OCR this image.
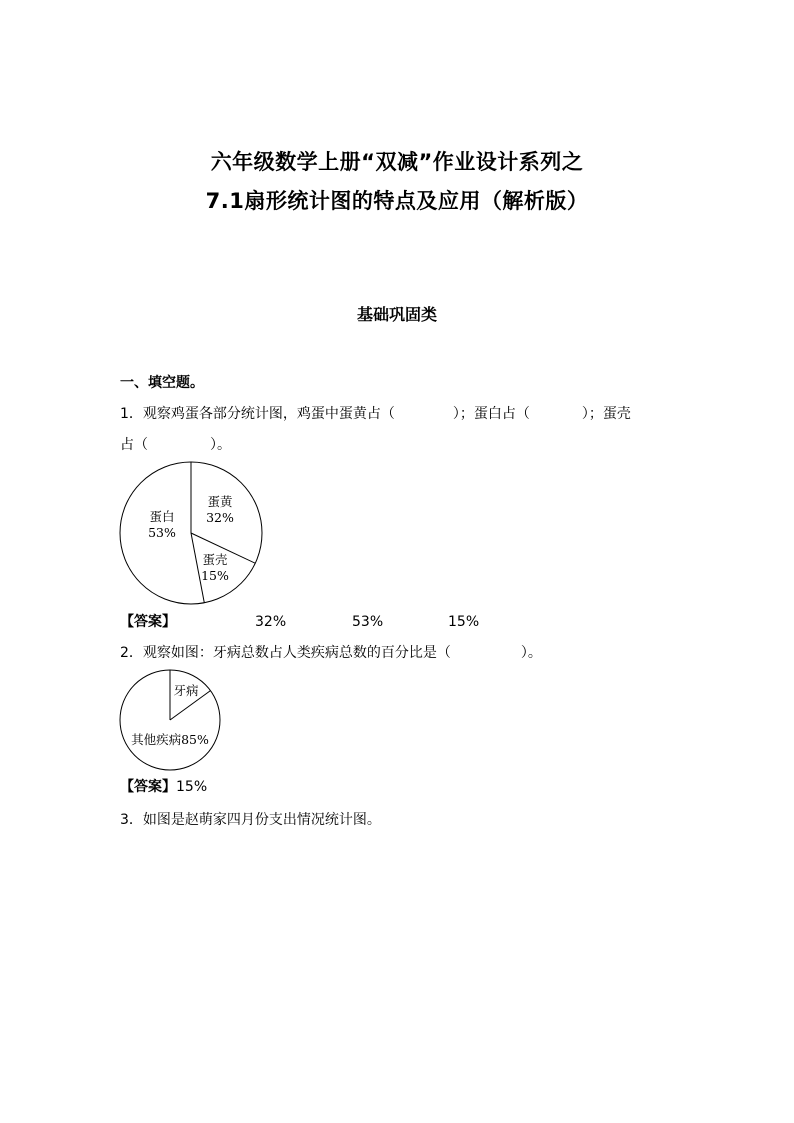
六年级数学上册“双减”作业设计系列之
7.1扇形统计图的特点及应用（解析版）
基础巩固类
一、填空题。
1．观察鸡蛋各部分统计图，鸡蛋中蛋黄占（	）；蛋白占（	）；蛋壳
占（	）。
蛋黄
32%
蛋壳
15%
蛋白
53%
【答案】	32%	53%	15%
2．观察如图：牙病总数占人类疾病总数的百分比是（	）。
牙病
其他疾病85%
【答案】15%
3．如图是赵萌家四月份支出情况统计图。
